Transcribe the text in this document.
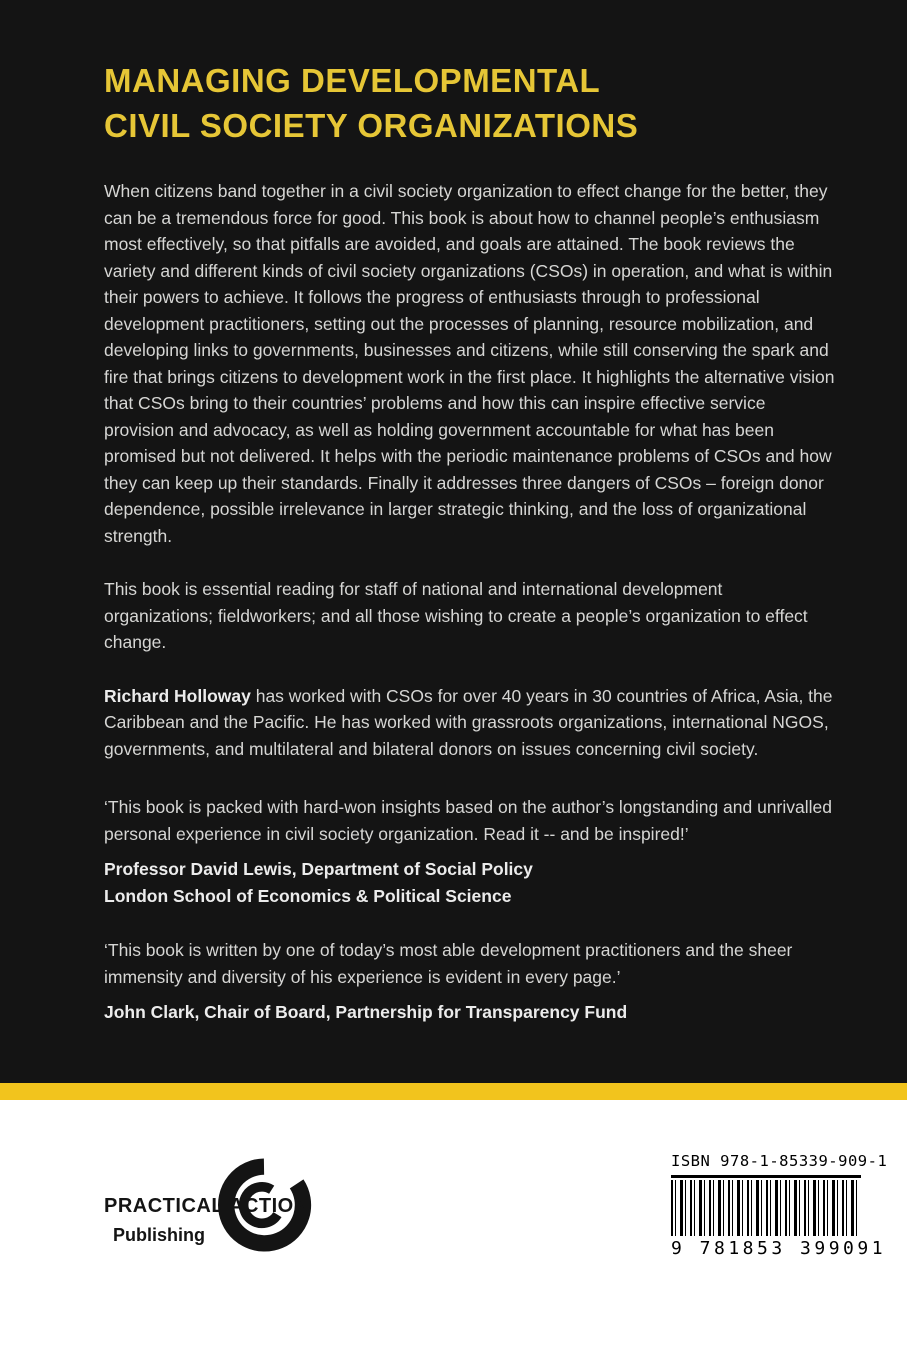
MANAGING DEVELOPMENTAL
CIVIL SOCIETY ORGANIZATIONS

When citizens band together in a civil society organization to effect change for the better, they can be a tremendous force for good. This book is about how to channel people’s enthusiasm most effectively, so that pitfalls are avoided, and goals are attained. The book reviews the variety and different kinds of civil society organizations (CSOs) in operation, and what is within their powers to achieve. It follows the progress of enthusiasts through to professional development practitioners, setting out the processes of planning, resource mobilization, and developing links to governments, businesses and citizens, while still conserving the spark and fire that brings citizens to development work in the first place. It highlights the alternative vision that CSOs bring to their countries’ problems and how this can inspire effective service provision and advocacy, as well as holding government accountable for what has been promised but not delivered. It helps with the periodic maintenance problems of CSOs and how they can keep up their standards. Finally it addresses three dangers of CSOs – foreign donor dependence, possible irrelevance in larger strategic thinking, and the loss of organizational strength.

This book is essential reading for staff of national and international development organizations; fieldworkers; and all those wishing to create a people’s organization to effect change.

Richard Holloway has worked with CSOs for over 40 years in 30 countries of Africa, Asia, the Caribbean and the Pacific. He has worked with grassroots organizations, international NGOS, governments, and multilateral and bilateral donors on issues concerning civil society.

‘This book is packed with hard-won insights based on the author’s longstanding and unrivalled personal experience in civil society organization. Read it -- and be inspired!’

Professor David Lewis, Department of Social Policy
London School of Economics & Political Science

‘This book is written by one of today’s most able development practitioners and the sheer immensity and diversity of his experience is evident in every page.’

John Clark, Chair of Board, Partnership for Transparency Fund

PRACTICAL ACTION
Publishing
ISBN 978-1-85339-909-1
9 781853 399091
